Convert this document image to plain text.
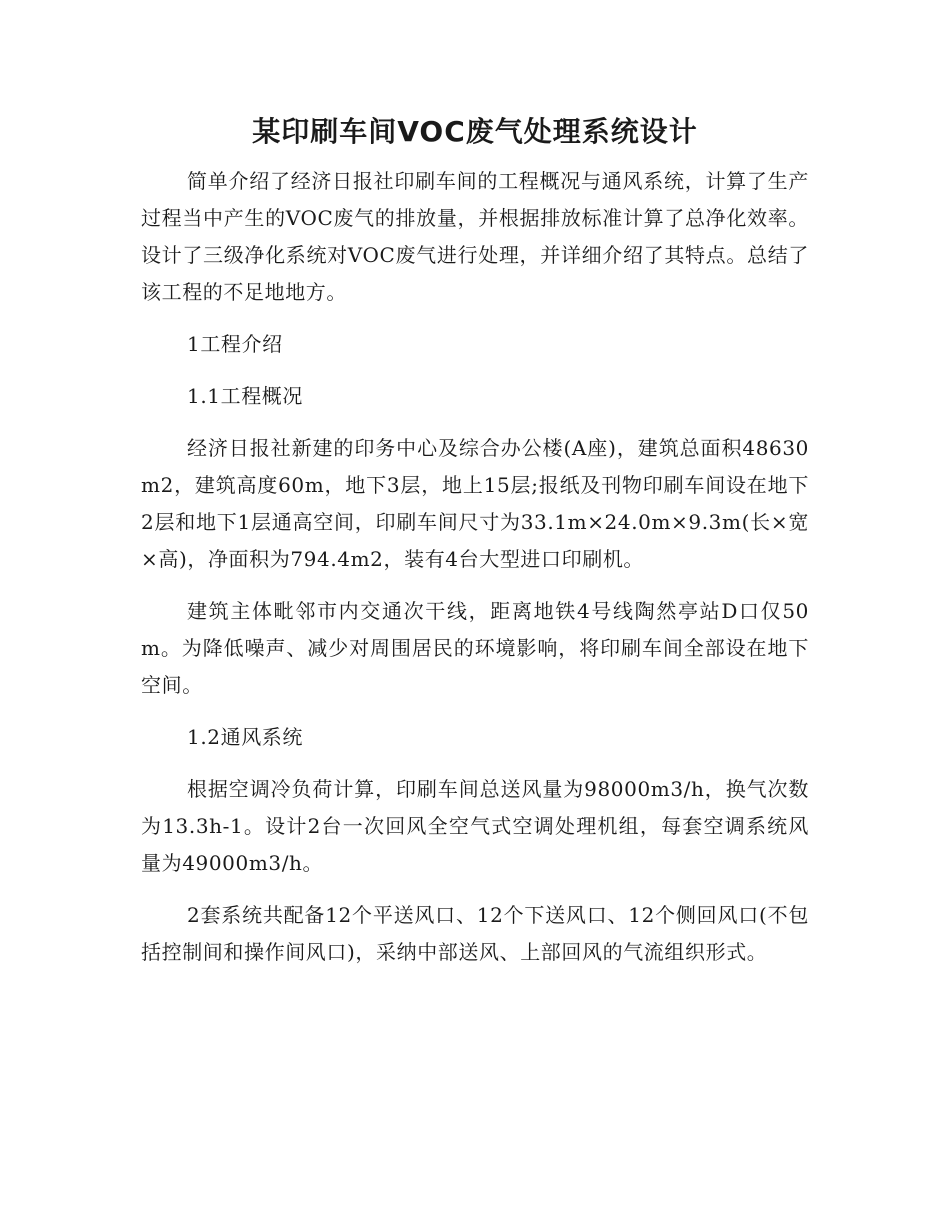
某印刷车间VOC废气处理系统设计

简单介绍了经济日报社印刷车间的工程概况与通风系统，计算了生产过程当中产生的VOC废气的排放量，并根据排放标准计算了总净化效率。设计了三级净化系统对VOC废气进行处理，并详细介绍了其特点。总结了该工程的不足地地方。

1工程介绍

1.1工程概况

经济日报社新建的印务中心及综合办公楼(A座)，建筑总面积48630m2，建筑高度60m，地下3层，地上15层;报纸及刊物印刷车间设在地下2层和地下1层通高空间，印刷车间尺寸为33.1m×24.0m×9.3m(长×宽×高)，净面积为794.4m2，装有4台大型进口印刷机。

建筑主体毗邻市内交通次干线，距离地铁4号线陶然亭站D口仅50m。为降低噪声、减少对周围居民的环境影响，将印刷车间全部设在地下空间。

1.2通风系统

根据空调冷负荷计算，印刷车间总送风量为98000m3/h，换气次数为13.3h-1。设计2台一次回风全空气式空调处理机组，每套空调系统风量为49000m3/h。

2套系统共配备12个平送风口、12个下送风口、12个侧回风口(不包括控制间和操作间风口)，采纳中部送风、上部回风的气流组织形式。
